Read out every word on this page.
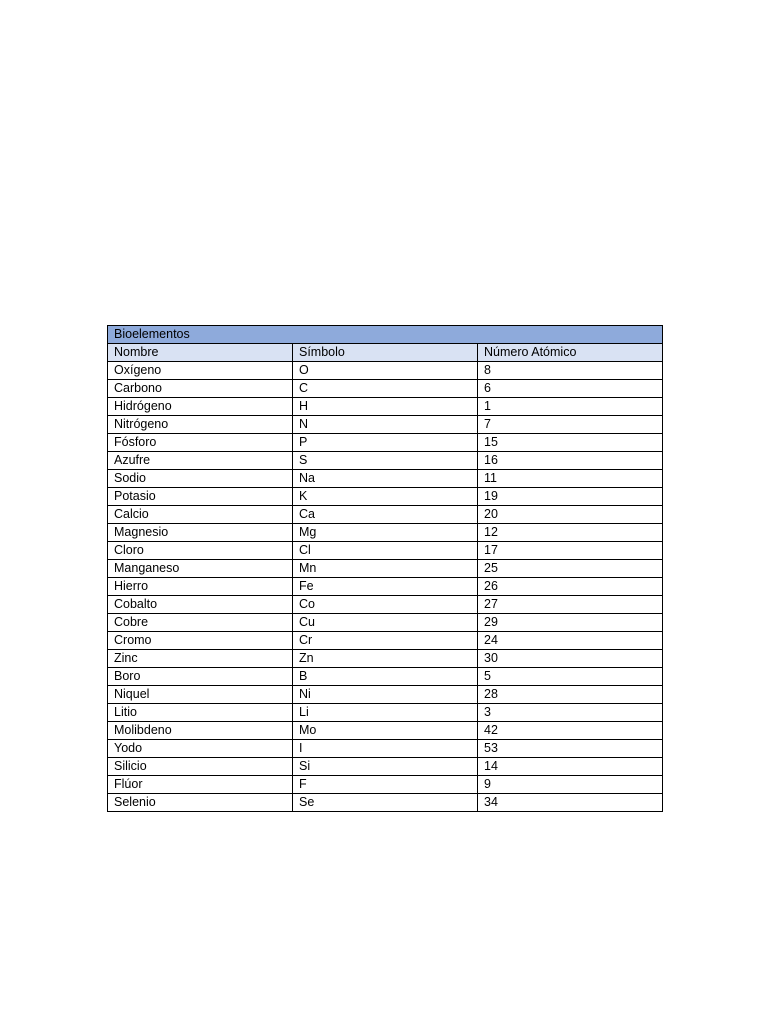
Bioelementos		
Nombre	Símbolo	Número Atómico
Oxígeno	O	8
Carbono	C	6
Hidrógeno	H	1
Nitrógeno	N	7
Fósforo	P	15
Azufre	S	16
Sodio	Na	11
Potasio	K	19
Calcio	Ca	20
Magnesio	Mg	12
Cloro	Cl	17
Manganeso	Mn	25
Hierro	Fe	26
Cobalto	Co	27
Cobre	Cu	29
Cromo	Cr	24
Zinc	Zn	30
Boro	B	5
Niquel	Ni	28
Litio	Li	3
Molibdeno	Mo	42
Yodo	I	53
Silicio	Si	14
Flúor	F	9
Selenio	Se	34
